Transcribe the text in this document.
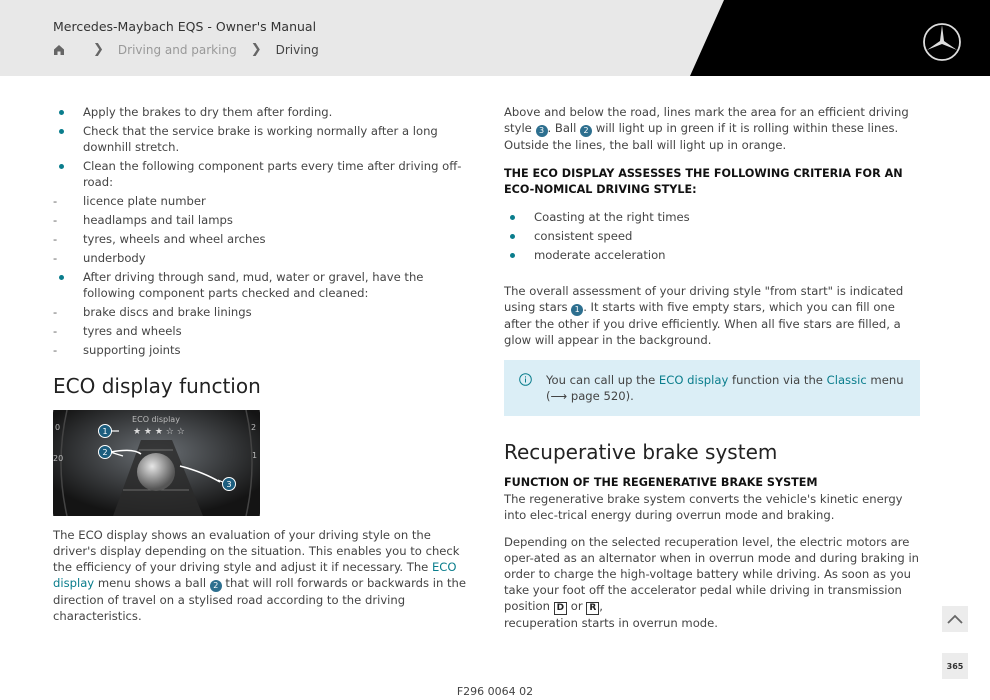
Mercedes-Maybach EQS - Owner's Manual
❯ Driving and parking ❯ Driving
Apply the brakes to dry them after fording.
Check that the service brake is working normally after a long downhill stretch.
Clean the following component parts every time after driving off-road:
- licence plate number
- headlamps and tail lamps
- tyres, wheels and wheel arches
- underbody
After driving through sand, mud, water or gravel, have the following component parts checked and cleaned:
- brake discs and brake linings
- tyres and wheels
- supporting joints
ECO display function
ECO display
★ ★ ★ ☆ ☆
0
20
2
1
1
2
3

The ECO display shows an evaluation of your driving style on the driver's display depending on the situation. This enables you to check the efficiency of your driving style and adjust it if necessary. The ECO display menu shows a ball 2 that will roll forwards or backwards in the direction of travel on a stylised road according to the driving characteristics.

Above and below the road, lines mark the area for an efficient driving style 3 . Ball 2 will light up in green if it is rolling within these lines. Outside the lines, the ball will light up in orange.

THE ECO DISPLAY ASSESSES THE FOLLOWING CRITERIA FOR AN ECO-NOMICAL DRIVING STYLE:
Coasting at the right times
consistent speed
moderate acceleration

The overall assessment of your driving style "from start" is indicated using stars 1 . It starts with five empty stars, which you can fill one after the other if you drive efficiently. When all five stars are filled, a glow will appear in the background.

You can call up the ECO display function via the Classic menu
(⟶ page 520).
Recuperative brake system
FUNCTION OF THE REGENERATIVE BRAKE SYSTEM

The regenerative brake system converts the vehicle's kinetic energy into elec-trical energy during overrun mode and braking.

Depending on the selected recuperation level, the electric motors are oper-ated as an alternator when in overrun mode and during braking in order to charge the high-voltage battery while driving. As soon as you take your foot off the accelerator pedal while driving in transmission position D or R ,
recuperation starts in overrun mode.

365
F296 0064 02
